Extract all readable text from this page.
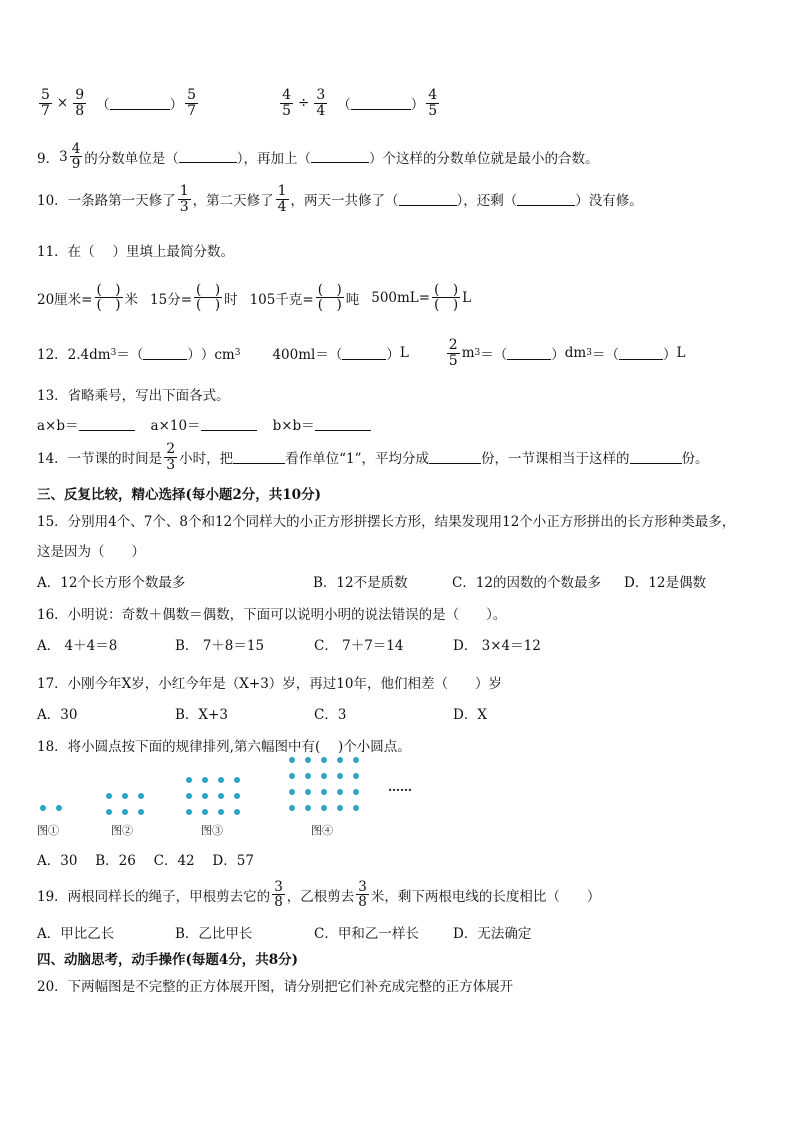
$\frac{5}{7} \times \frac{9}{8}$ （	） $\frac{5}{7}$	$\frac{4}{5} \div \frac{3}{4}$ （	） $\frac{4}{5}$
9． $3 \frac{4}{9}$ 的分数单位是（	），再加上（	）个这样的分数单位就是最小的合数。
10． 一条路第一天修了 $\frac{1}{3}$ ，第二天修了 $\frac{1}{4}$ ，两天一共修了（	），还剩（	）没有修。
11．在（　 ）里填上最简分数。
20厘米= $\frac{( )}{( )}$ 米 15分= $\frac{( )}{( )}$ 时 105千克= $\frac{( )}{( )}$ 吨 $500mL= \frac{( )}{( )}$ L
12．2.4dm 3 ＝（	） ）cm 3 400ml＝（	） L	$\frac{2}{5}$ m 3 ＝（	） dm 3 ＝（	） L
13．省略乘号，写出下面各式。
a×b＝	a×10＝	b×b＝
14．一节课的时间是 $\frac{2}{3}$ 小时，把	看作单位“1”，平均分成	份，一节课相当于这样的	份。
三、反复比较，精心选择(每小题2分，共10分)
15．分别用4个、7个、8个和12个同样大的小正方形拼摆长方形，结果发现用12个小正方形拼出的长方形种类最多，
这是因为（　　）
A．12个长方形个数最多	B．12不是质数	C．12的因数的个数最多	D．12是偶数
16．小明说：奇数＋偶数＝偶数，下面可以说明小明的说法错误的是（　　）。
A． 4＋4＝8	B． 7＋8＝15	C． 7＋7＝14	D． 3×4＝12
17．小刚今年X岁，小红今年是（X+3）岁，再过10年，他们相差（　　）岁
A．30	B．X+3	C．3	D．X
18．将小圆点按下面的规律排列,第六幅图中有(　 )个小圆点。
图①	图②	图③	图④
……
A．30　 B．26　 C．42　 D．57
19．两根同样长的绳子，甲根剪去它的 $\frac{3}{8}$ ，乙根剪去 $\frac{3}{8}$ 米，剩下两根电线的长度相比（　　）
A．甲比乙长	B．乙比甲长	C．甲和乙一样长	D．无法确定
四、动脑思考，动手操作(每题4分，共8分)
20．下两幅图是不完整的正方体展开图，请分别把它们补充成完整的正方体展开
